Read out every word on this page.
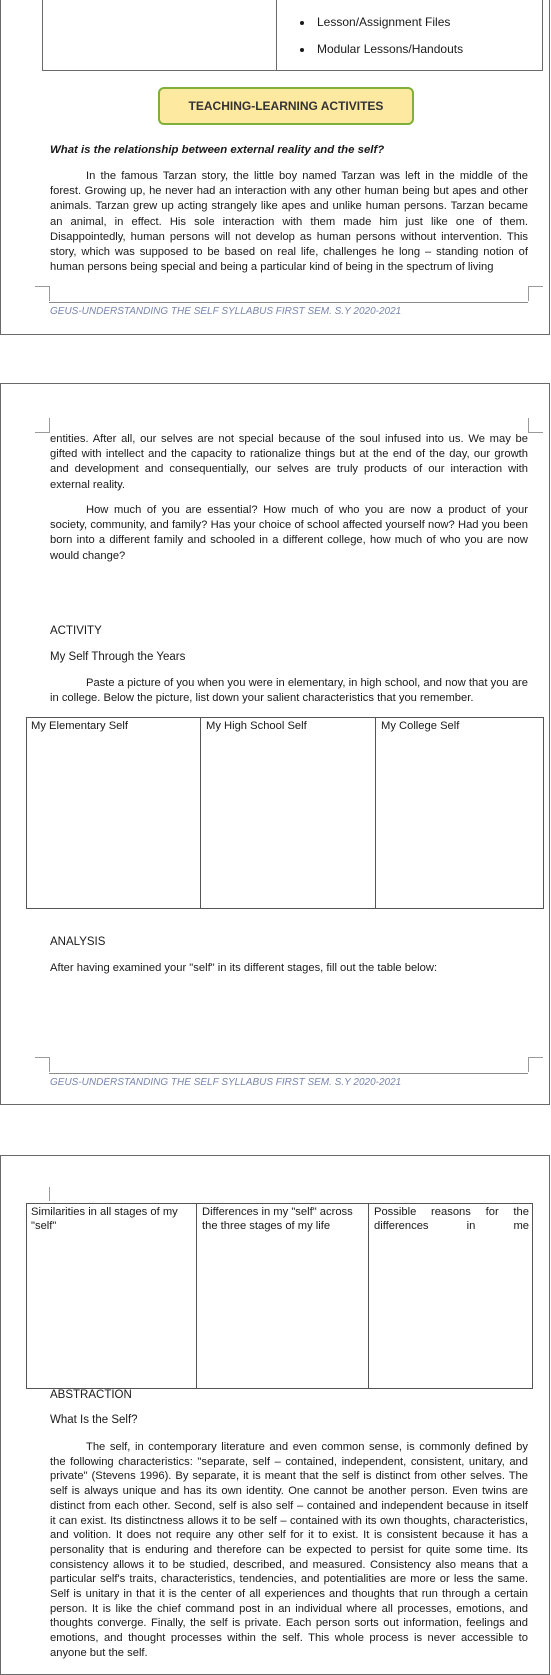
Lesson/Assignment Files
Modular Lessons/Handouts
TEACHING-LEARNING ACTIVITES
What is the relationship between external reality and the self?

In the famous Tarzan story, the little boy named Tarzan was left in the middle of the forest. Growing up, he never had an interaction with any other human being but apes and other animals. Tarzan grew up acting strangely like apes and unlike human persons. Tarzan became an animal, in effect. His sole interaction with them made him just like one of them. Disappointedly, human persons will not develop as human persons without intervention. This story, which was supposed to be based on real life, challenges he long – standing notion of human persons being special and being a particular kind of being in the spectrum of living

GEUS-UNDERSTANDING THE SELF SYLLABUS FIRST SEM. S.Y 2020-2021

entities. After all, our selves are not special because of the soul infused into us. We may be gifted with intellect and the capacity to rationalize things but at the end of the day, our growth and development and consequentially, our selves are truly products of our interaction with external reality.

How much of you are essential? How much of who you are now a product of your society, community, and family? Has your choice of school affected yourself now? Had you been born into a different family and schooled in a different college, how much of who you are now would change?

ACTIVITY
My Self Through the Years

Paste a picture of you when you were in elementary, in high school, and now that you are in college. Below the picture, list down your salient characteristics that you remember.

My Elementary Self	My High School Self	My College Self
ANALYSIS
After having examined your "self" in its different stages, fill out the table below:
GEUS-UNDERSTANDING THE SELF SYLLABUS FIRST SEM. S.Y 2020-2021
Similarities in all stages of my "self"
Differences in my "self" across the three stages of my life
Possible reasons for the differences in me
ABSTRACTION
What Is the Self?

The self, in contemporary literature and even common sense, is commonly defined by the following characteristics: "separate, self – contained, independent, consistent, unitary, and private" (Stevens 1996). By separate, it is meant that the self is distinct from other selves. The self is always unique and has its own identity. One cannot be another person. Even twins are distinct from each other. Second, self is also self – contained and independent because in itself it can exist. Its distinctness allows it to be self – contained with its own thoughts, characteristics, and volition. It does not require any other self for it to exist. It is consistent because it has a personality that is enduring and therefore can be expected to persist for quite some time. Its consistency allows it to be studied, described, and measured. Consistency also means that a particular self's traits, characteristics, tendencies, and potentialities are more or less the same. Self is unitary in that it is the center of all experiences and thoughts that run through a certain person. It is like the chief command post in an individual where all processes, emotions, and thoughts converge. Finally, the self is private. Each person sorts out information, feelings and emotions, and thought processes within the self. This whole process is never accessible to anyone but the self.
